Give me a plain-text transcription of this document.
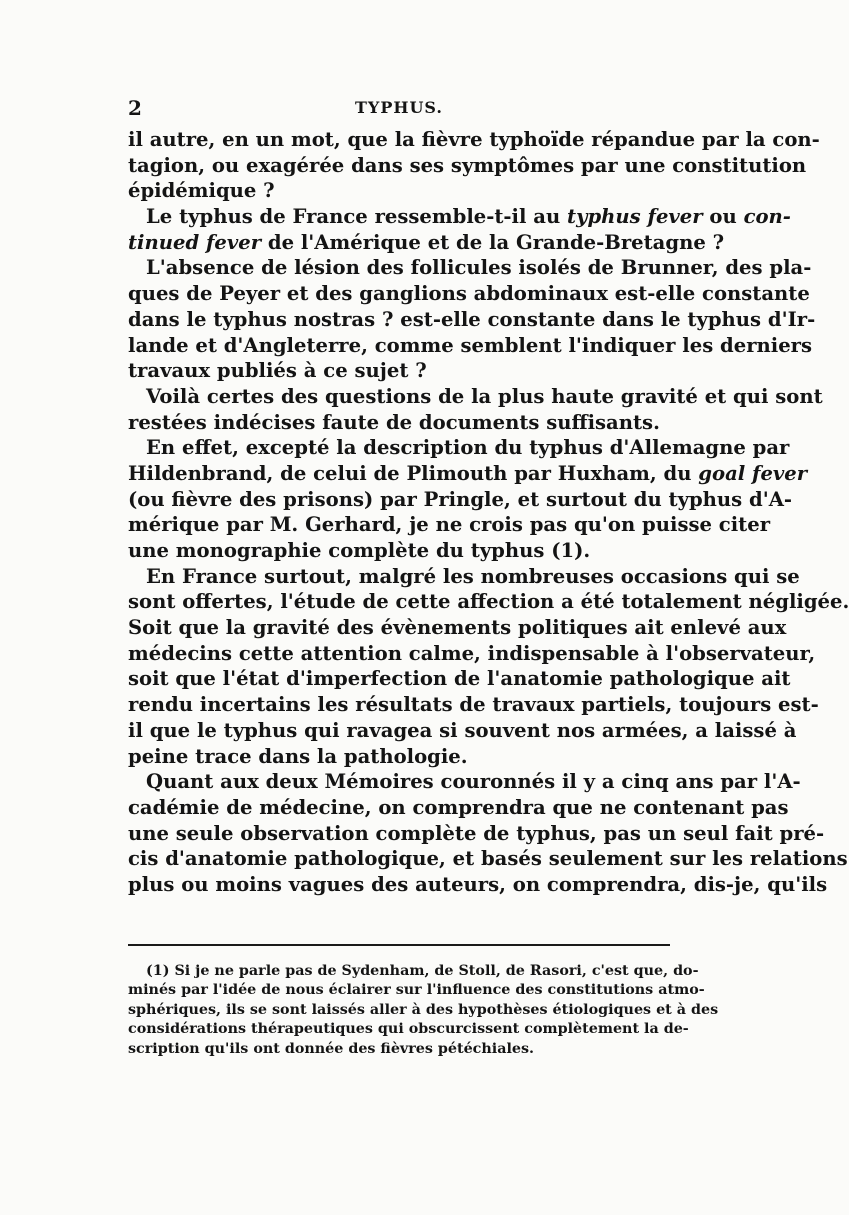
2	TYPHUS.
il autre, en un mot, que la fièvre typhoïde répandue par la con-
tagion, ou exagérée dans ses symptômes par une constitution
épidémique ?
Le typhus de France ressemble-t-il au typhus fever ou con-
tinued fever de l'Amérique et de la Grande-Bretagne ?
L'absence de lésion des follicules isolés de Brunner, des pla-
ques de Peyer et des ganglions abdominaux est-elle constante
dans le typhus nostras ? est-elle constante dans le typhus d'Ir-
lande et d'Angleterre, comme semblent l'indiquer les derniers
travaux publiés à ce sujet ?
Voilà certes des questions de la plus haute gravité et qui sont
restées indécises faute de documents suffisants.
En effet, excepté la description du typhus d'Allemagne par
Hildenbrand, de celui de Plimouth par Huxham, du goal fever
(ou fièvre des prisons) par Pringle, et surtout du typhus d'A-
mérique par M. Gerhard, je ne crois pas qu'on puisse citer
une monographie complète du typhus (1).
En France surtout, malgré les nombreuses occasions qui se
sont offertes, l'étude de cette affection a été totalement négligée.
Soit que la gravité des évènements politiques ait enlevé aux
médecins cette attention calme, indispensable à l'observateur,
soit que l'état d'imperfection de l'anatomie pathologique ait
rendu incertains les résultats de travaux partiels, toujours est-
il que le typhus qui ravagea si souvent nos armées, a laissé à
peine trace dans la pathologie.
Quant aux deux Mémoires couronnés il y a cinq ans par l'A-
cadémie de médecine, on comprendra que ne contenant pas
une seule observation complète de typhus, pas un seul fait pré-
cis d'anatomie pathologique, et basés seulement sur les relations
plus ou moins vagues des auteurs, on comprendra, dis-je, qu'ils
(1) Si je ne parle pas de Sydenham, de Stoll, de Rasori, c'est que, do-
minés par l'idée de nous éclairer sur l'influence des constitutions atmo-
sphériques, ils se sont laissés aller à des hypothèses étiologiques et à des
considérations thérapeutiques qui obscurcissent complètement la de-
scription qu'ils ont donnée des fièvres pétéchiales.
